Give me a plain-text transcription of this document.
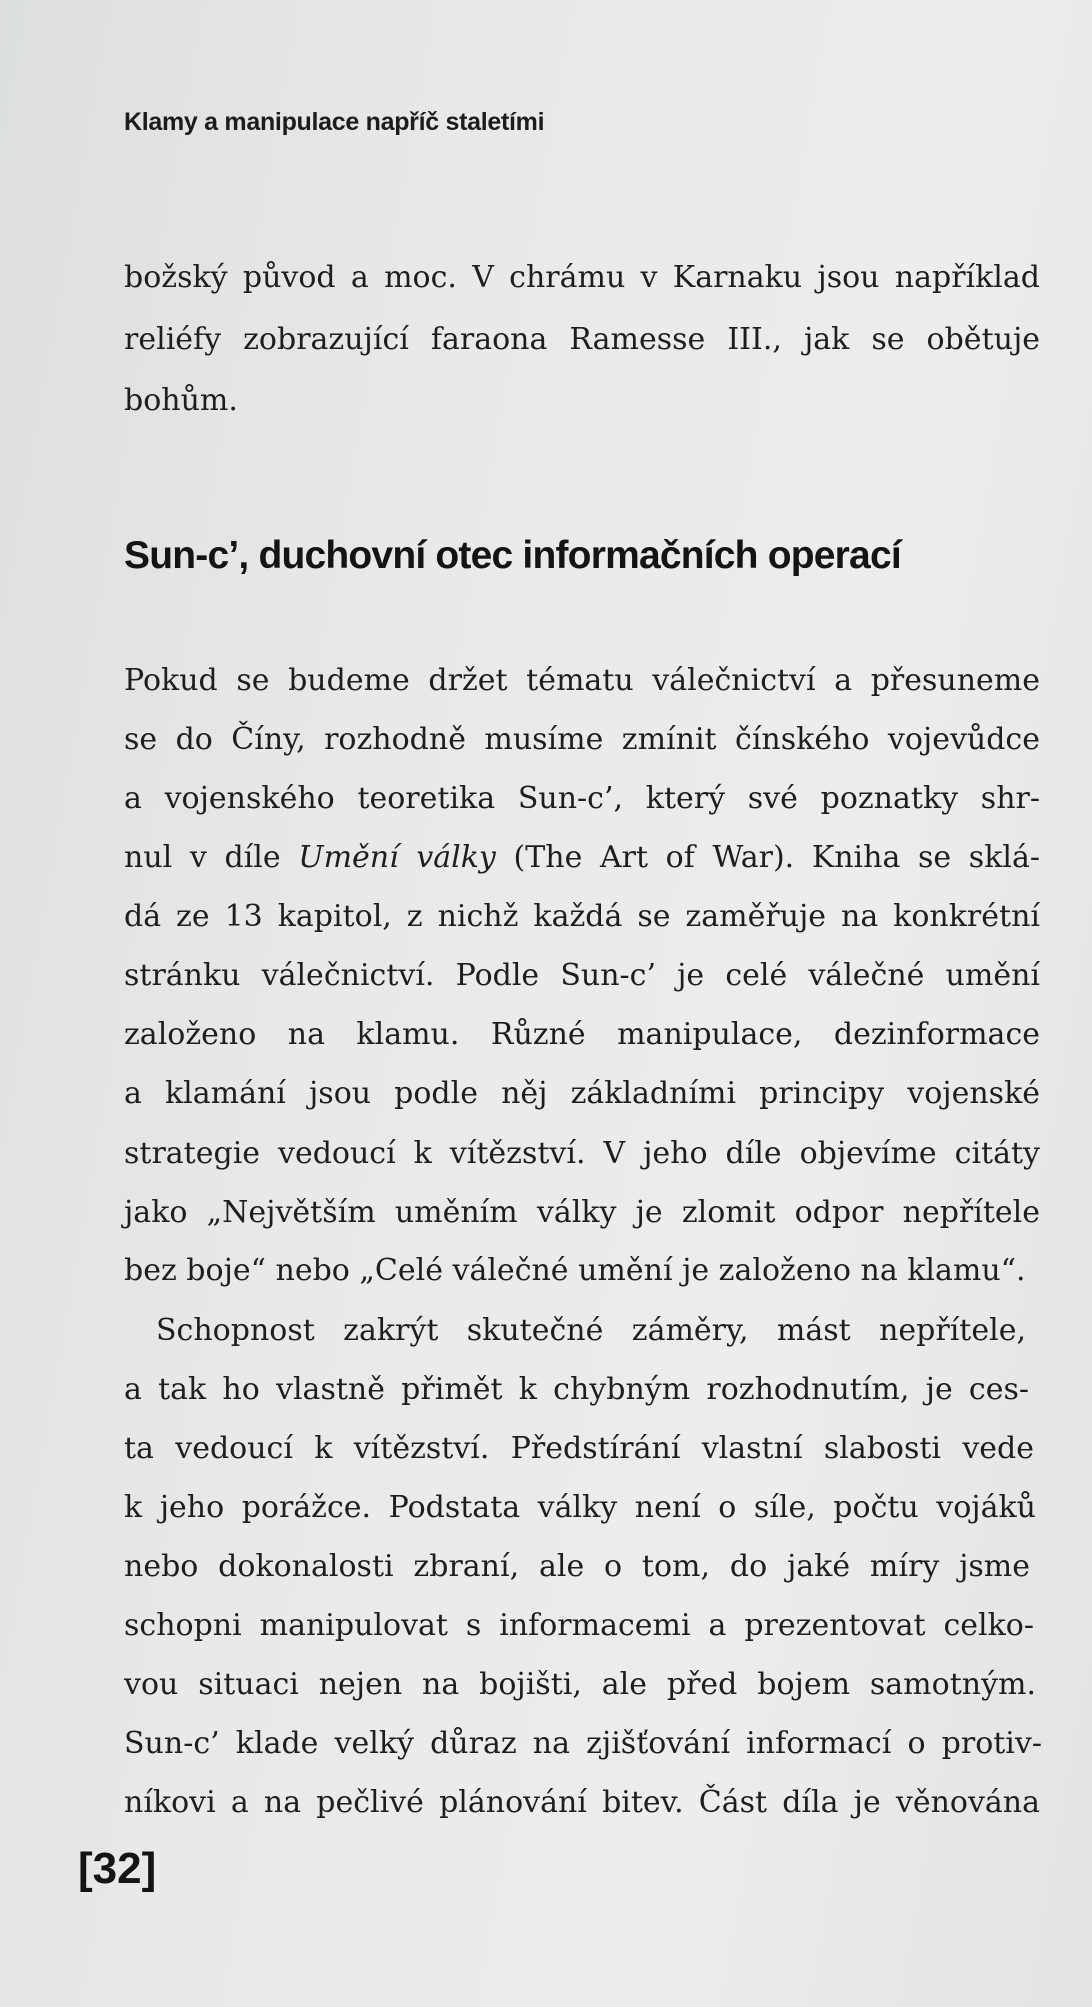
Klamy a manipulace napříč staletími
božský původ a moc. V chrámu v Karnaku jsou například
reliéfy zobrazující faraona Ramesse III., jak se obětuje
bohům.
Sun-c’, duchovní otec informačních operací
Pokud se budeme držet tématu válečnictví a přesuneme
se do Číny, rozhodně musíme zmínit čínského vojevůdce
a vojenského teoretika Sun-c’, který své poznatky shr-
nul v díle Umění války (The Art of War). Kniha se sklá-
dá ze 13 kapitol, z nichž každá se zaměřuje na konkrétní
stránku válečnictví. Podle Sun-c’ je celé válečné umění
založeno na klamu. Různé manipulace, dezinformace
a klamání jsou podle něj základními principy vojenské
strategie vedoucí k vítězství. V jeho díle objevíme citáty
jako „Největším uměním války je zlomit odpor nepřítele
bez boje“ nebo „Celé válečné umění je založeno na klamu“.
Schopnost zakrýt skutečné záměry, mást nepřítele,
a tak ho vlastně přimět k chybným rozhodnutím, je ces-
ta vedoucí k vítězství. Předstírání vlastní slabosti vede
k jeho porážce. Podstata války není o síle, počtu vojáků
nebo dokonalosti zbraní, ale o tom, do jaké míry jsme
schopni manipulovat s informacemi a prezentovat celko-
vou situaci nejen na bojišti, ale před bojem samotným.
Sun-c’ klade velký důraz na zjišťování informací o protiv-
níkovi a na pečlivé plánování bitev. Část díla je věnována
[32]
